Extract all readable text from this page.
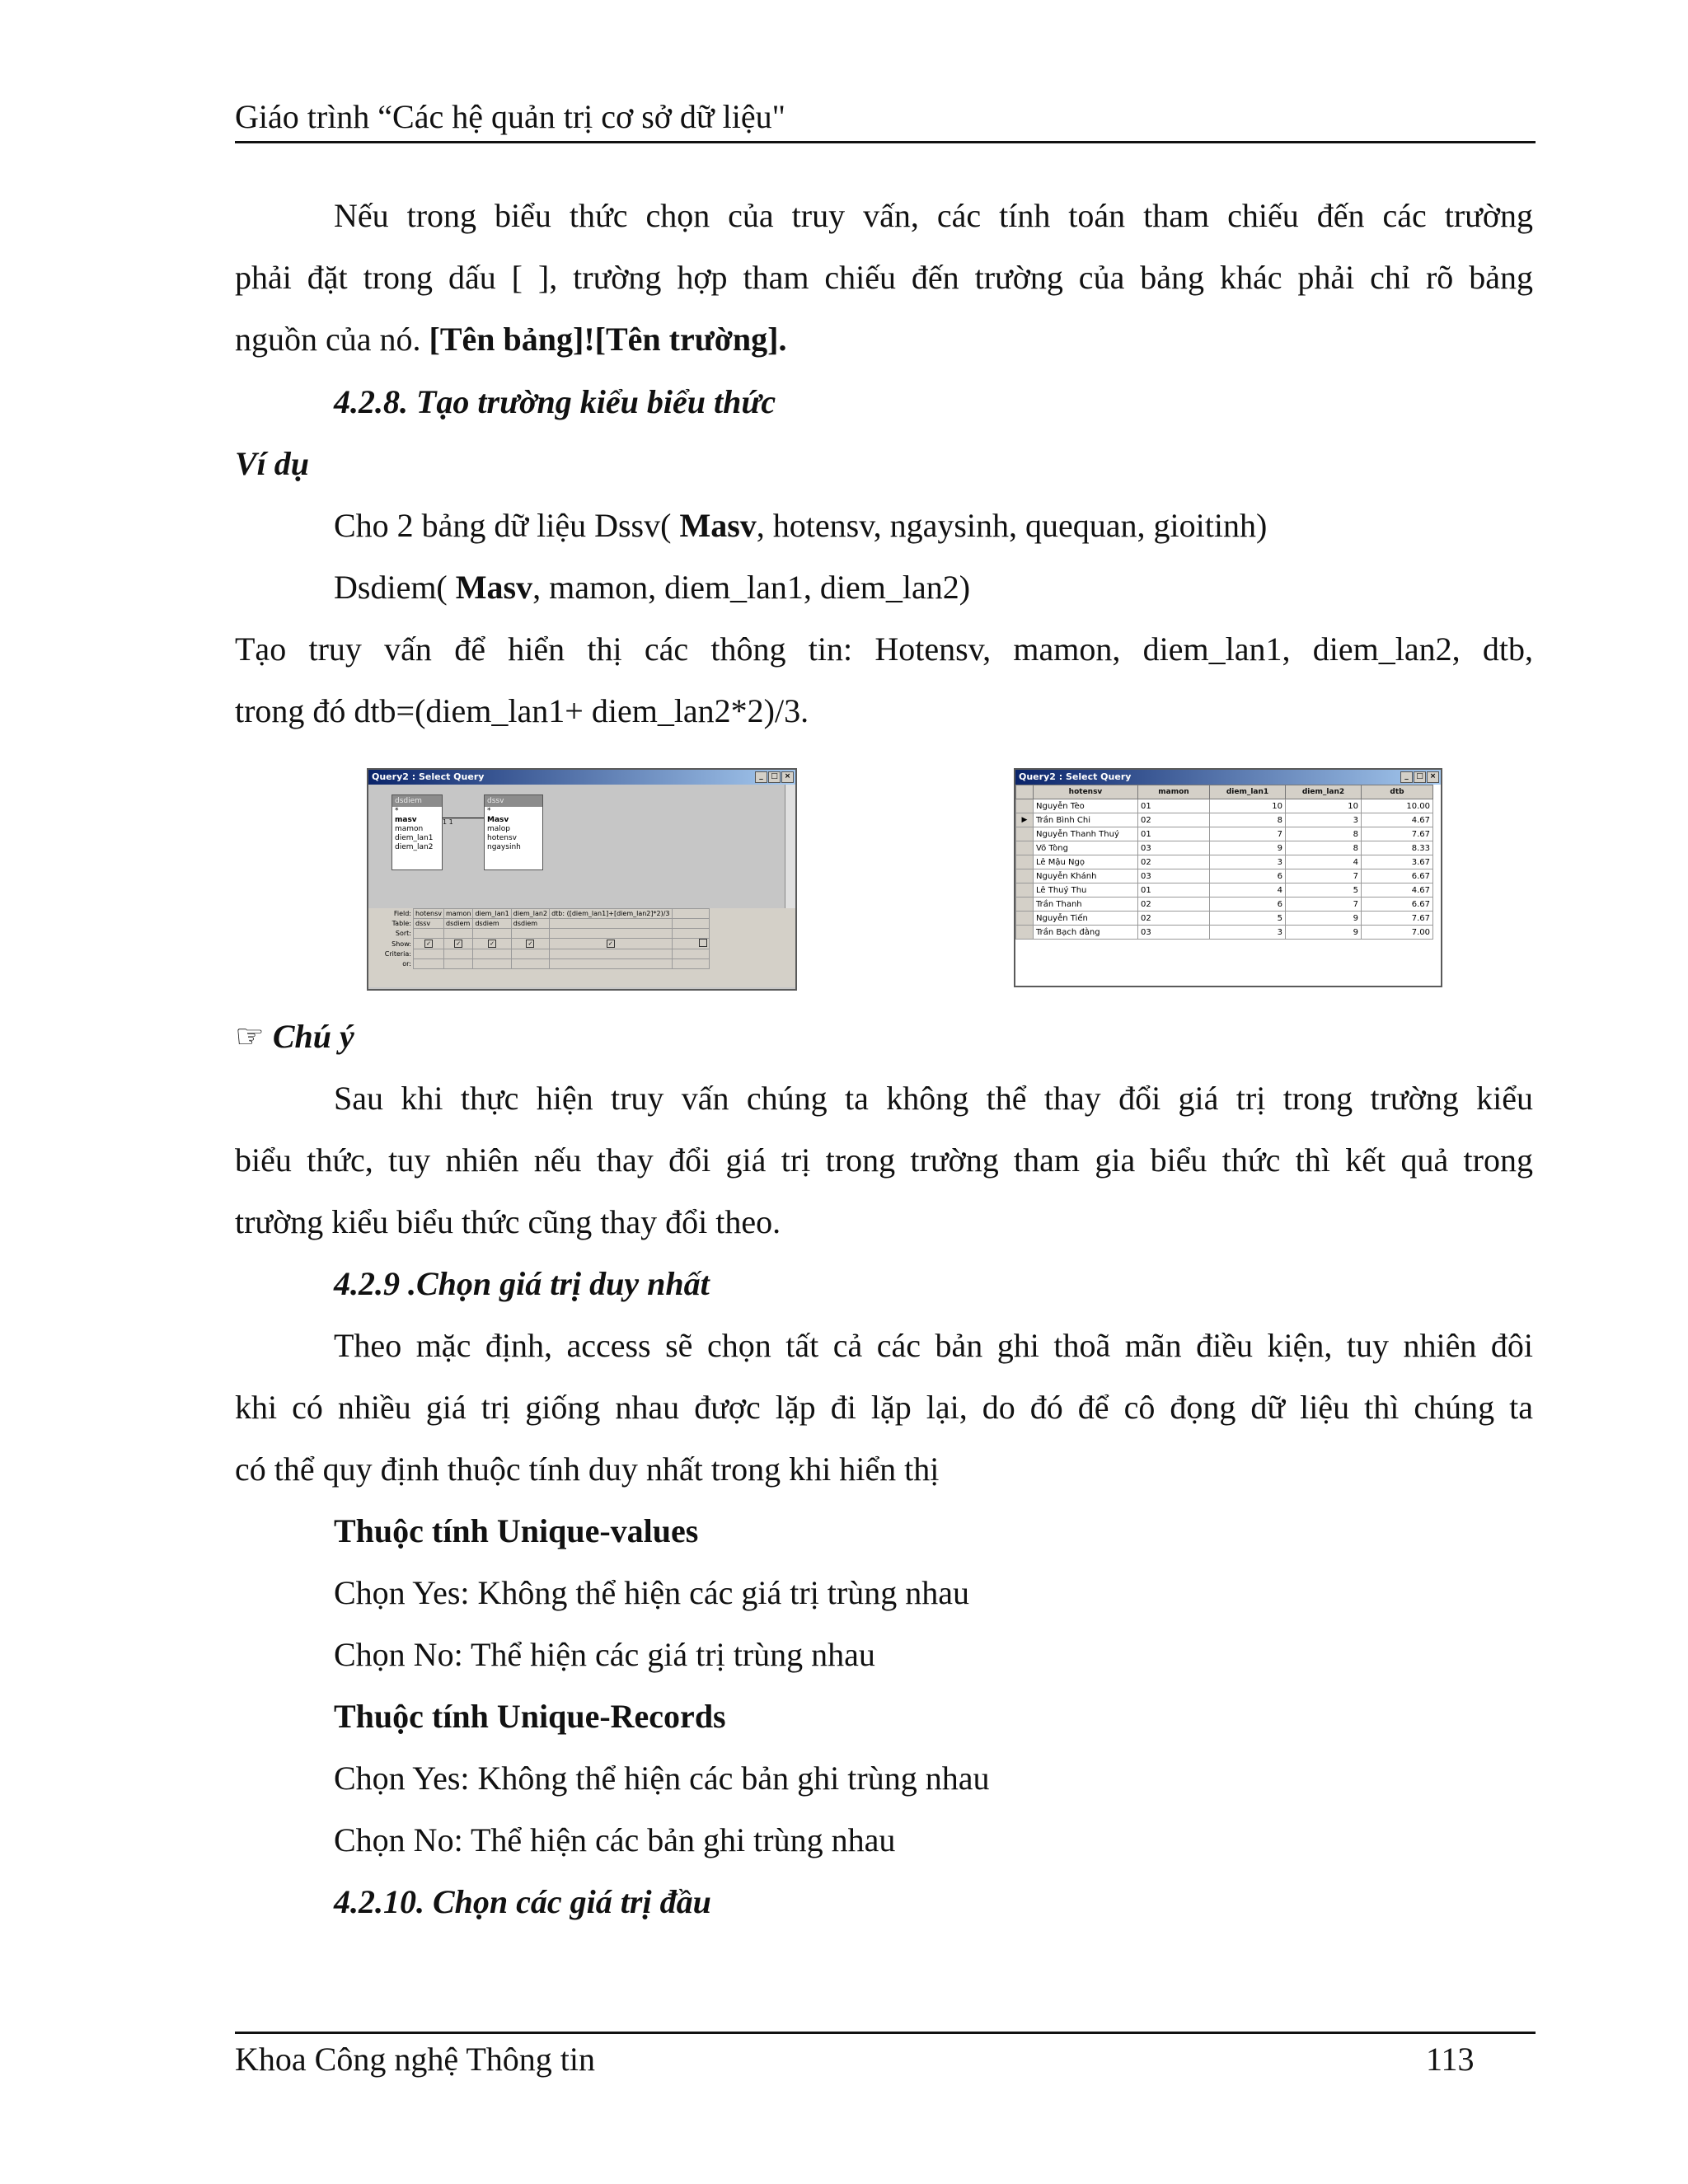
Giáo trình “Các hệ quản trị cơ sở dữ liệu"
Nếu trong biểu thức chọn của truy vấn, các tính toán tham chiếu đến các trường
phải đặt trong dấu [ ], trường hợp tham chiếu đến trường của bảng khác phải chỉ rõ bảng
nguồn của nó. [Tên bảng]![Tên trường].
4.2.8. Tạo trường kiểu biểu thức
Ví dụ
Cho 2 bảng dữ liệu Dssv( Masv, hotensv, ngaysinh, quequan, gioitinh)
Dsdiem( Masv, mamon, diem_lan1, diem_lan2)
Tạo truy vấn để hiển thị các thông tin: Hotensv, mamon, diem_lan1, diem_lan2, dtb,
trong đó dtb=(diem_lan1+ diem_lan2*2)/3.
Query2 : Select Query	_	□ ×
dsdiem
*
masv
mamon
diem_lan1
diem_lan2
1 1
dssv
*
Masv
malop
hotensv
ngaysinh
Field:	hotensv	mamon	diem_lan1	diem_lan2	dtb: ([diem_lan1]+[diem_lan2]*2)/3	
Table:	dssv	dsdiem	dsdiem	dsdiem		
Sort:						
Show:	✓	✓	✓	✓	✓	
Criteria:						
or:						
Query2 : Select Query	_	□ ×
	hotensv	mamon	diem_lan1	diem_lan2	dtb
	Nguyễn Tèo	01	10	10	10.00
▶	Trần Bình Chi	02	8	3	4.67
	Nguyễn Thanh Thuý	01	7	8	7.67
	Võ Tòng	03	9	8	8.33
	Lê Mậu Ngọ	02	3	4	3.67
	Nguyễn Khánh	03	6	7	6.67
	Lê Thuý Thu	01	4	5	4.67
	Trần Thanh	02	6	7	6.67
	Nguyễn Tiến	02	5	9	7.67
	Trần Bạch đằng	03	3	9	7.00
☞ Chú ý
Sau khi thực hiện truy vấn chúng ta không thể thay đổi giá trị trong trường kiểu
biểu thức, tuy nhiên nếu thay đổi giá trị trong trường tham gia biểu thức thì kết quả trong
trường kiểu biểu thức cũng thay đổi theo.
4.2.9 .Chọn giá trị duy nhất
Theo mặc định, access sẽ chọn tất cả các bản ghi thoã mãn điều kiện, tuy nhiên đôi
khi có nhiều giá trị giống nhau được lặp đi lặp lại, do đó để cô đọng dữ liệu thì chúng ta
có thể quy định thuộc tính duy nhất trong khi hiển thị
Thuộc tính Unique-values
Chọn Yes: Không thể hiện các giá trị trùng nhau
Chọn No: Thể hiện các giá trị trùng nhau
Thuộc tính Unique-Records
Chọn Yes: Không thể hiện các bản ghi trùng nhau
Chọn No: Thể hiện các bản ghi trùng nhau
4.2.10. Chọn các giá trị đầu
Khoa Công nghệ Thông tin	113
